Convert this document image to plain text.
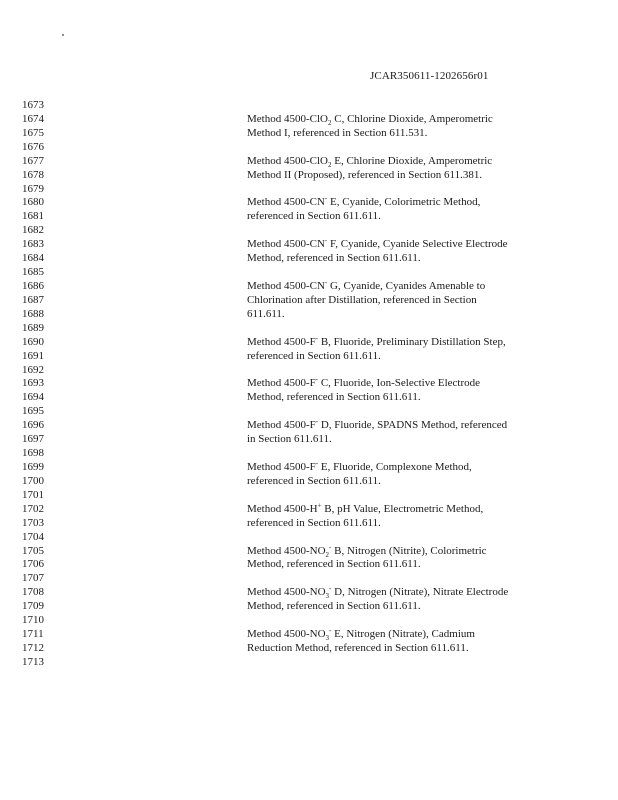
JCAR350611-1202656r01
1673
1674	Method 4500-ClO$_2$ C, Chlorine Dioxide, Amperometric
1675	Method I, referenced in Section 611.531.
1676
1677	Method 4500-ClO$_2$ E, Chlorine Dioxide, Amperometric
1678	Method II (Proposed), referenced in Section 611.381.
1679
1680	Method 4500-CN- E, Cyanide, Colorimetric Method,
1681	referenced in Section 611.611.
1682
1683	Method 4500-CN- F, Cyanide, Cyanide Selective Electrode
1684	Method, referenced in Section 611.611.
1685
1686	Method 4500-CN- G, Cyanide, Cyanides Amenable to
1687	Chlorination after Distillation, referenced in Section
1688	611.611.
1689
1690	Method 4500-F- B, Fluoride, Preliminary Distillation Step,
1691	referenced in Section 611.611.
1692
1693	Method 4500-F- C, Fluoride, Ion-Selective Electrode
1694	Method, referenced in Section 611.611.
1695
1696	Method 4500-F- D, Fluoride, SPADNS Method, referenced
1697	in Section 611.611.
1698
1699	Method 4500-F- E, Fluoride, Complexone Method,
1700	referenced in Section 611.611.
1701
1702	Method 4500-H+ B, pH Value, Electrometric Method,
1703	referenced in Section 611.611.
1704
1705	Method $4500-NO_2^-$ B, Nitrogen (Nitrite), Colorimetric
1706	Method, referenced in Section 611.611.
1707
1708	Method $4500-NO_3^-$ D, Nitrogen (Nitrate), Nitrate Electrode
1709	Method, referenced in Section 611.611.
1710
1711	Method $4500-NO_3^-$ E, Nitrogen (Nitrate), Cadmium
1712	Reduction Method, referenced in Section 611.611.
1713
